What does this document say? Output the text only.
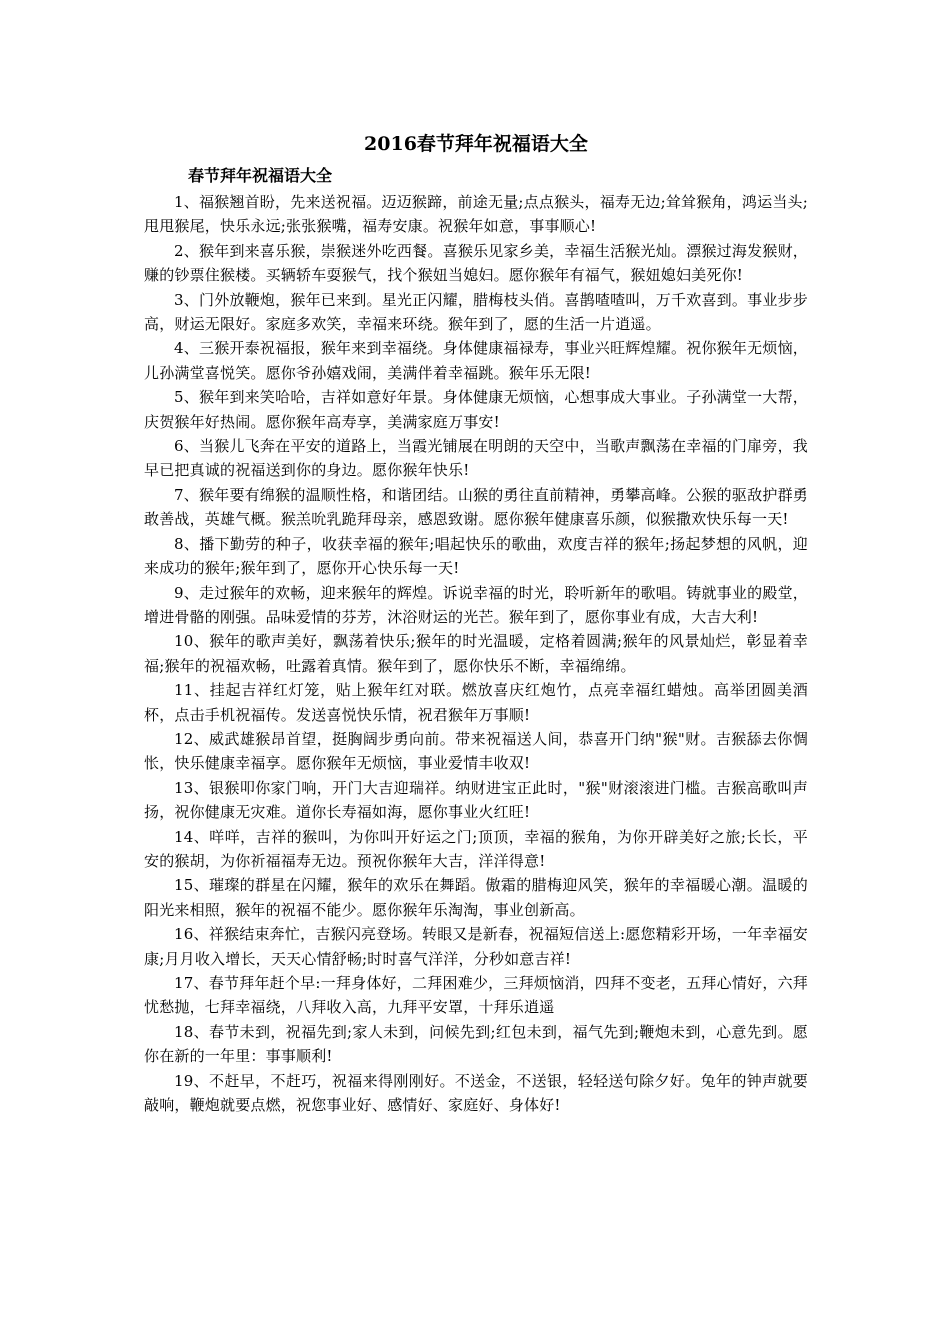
2016春节拜年祝福语大全
春节拜年祝福语大全

1、福猴翘首盼，先来送祝福。迈迈猴蹄，前途无量;点点猴头，福寿无边;耸耸猴角，鸿运当头;甩甩猴尾，快乐永远;张张猴嘴，福寿安康。祝猴年如意，事事顺心!

2、猴年到来喜乐猴，崇猴迷外吃西餐。喜猴乐见家乡美，幸福生活猴光灿。漂猴过海发猴财，赚的钞票住猴楼。买辆轿车耍猴气，找个猴妞当媳妇。愿你猴年有福气，猴妞媳妇美死你!

3、门外放鞭炮，猴年已来到。星光正闪耀，腊梅枝头俏。喜鹊喳喳叫，万千欢喜到。事业步步高，财运无限好。家庭多欢笑，幸福来环绕。猴年到了，愿的生活一片逍遥。

4、三猴开泰祝福报，猴年来到幸福绕。身体健康福禄寿，事业兴旺辉煌耀。祝你猴年无烦恼，儿孙满堂喜悦笑。愿你爷孙嬉戏闹，美满伴着幸福跳。猴年乐无限!

5、猴年到来笑哈哈，吉祥如意好年景。身体健康无烦恼，心想事成大事业。子孙满堂一大帮，庆贺猴年好热闹。愿你猴年高寿享，美满家庭万事安!

6、当猴儿飞奔在平安的道路上，当霞光铺展在明朗的天空中，当歌声飘荡在幸福的门扉旁，我早已把真诚的祝福送到你的身边。愿你猴年快乐!

7、猴年要有绵猴的温顺性格，和谐团结。山猴的勇往直前精神，勇攀高峰。公猴的驱敌护群勇敢善战，英雄气概。猴羔吮乳跪拜母亲，感恩致谢。愿你猴年健康喜乐颜，似猴撒欢快乐每一天!

8、播下勤劳的种子，收获幸福的猴年;唱起快乐的歌曲，欢度吉祥的猴年;扬起梦想的风帆，迎来成功的猴年;猴年到了，愿你开心快乐每一天!

9、走过猴年的欢畅，迎来猴年的辉煌。诉说幸福的时光，聆听新年的歌唱。铸就事业的殿堂，增进骨骼的刚强。品味爱情的芬芳，沐浴财运的光芒。猴年到了，愿你事业有成，大吉大利!

10、猴年的歌声美好，飘荡着快乐;猴年的时光温暖，定格着圆满;猴年的风景灿烂，彰显着幸福;猴年的祝福欢畅，吐露着真情。猴年到了，愿你快乐不断，幸福绵绵。

11、挂起吉祥红灯笼，贴上猴年红对联。燃放喜庆红炮竹，点亮幸福红蜡烛。高举团圆美酒杯，点击手机祝福传。发送喜悦快乐情，祝君猴年万事顺!

12、威武雄猴昂首望，挺胸阔步勇向前。带来祝福送人间，恭喜开门纳"猴"财。吉猴舔去你惆怅，快乐健康幸福享。愿你猴年无烦恼，事业爱情丰收双!

13、银猴叩你家门响，开门大吉迎瑞祥。纳财进宝正此时，"猴"财滚滚进门槛。吉猴高歌叫声扬，祝你健康无灾难。道你长寿福如海，愿你事业火红旺!

14、咩咩，吉祥的猴叫，为你叫开好运之门;顶顶，幸福的猴角，为你开辟美好之旅;长长，平安的猴胡，为你祈福福寿无边。预祝你猴年大吉，洋洋得意!

15、璀璨的群星在闪耀，猴年的欢乐在舞蹈。傲霜的腊梅迎风笑，猴年的幸福暖心潮。温暖的阳光来相照，猴年的祝福不能少。愿你猴年乐淘淘，事业创新高。

16、祥猴结束奔忙，吉猴闪亮登场。转眼又是新春，祝福短信送上:愿您精彩开场，一年幸福安康;月月收入增长，天天心情舒畅;时时喜气洋洋，分秒如意吉祥!

17、春节拜年赶个早:一拜身体好，二拜困难少，三拜烦恼消，四拜不变老，五拜心情好，六拜忧愁抛，七拜幸福绕，八拜收入高，九拜平安罩，十拜乐逍遥

18、春节未到，祝福先到;家人未到，问候先到;红包未到，福气先到;鞭炮未到，心意先到。愿你在新的一年里：事事顺利!

19、不赶早，不赶巧，祝福来得刚刚好。不送金，不送银，轻轻送句除夕好。兔年的钟声就要敲响，鞭炮就要点燃，祝您事业好、感情好、家庭好、身体好!
